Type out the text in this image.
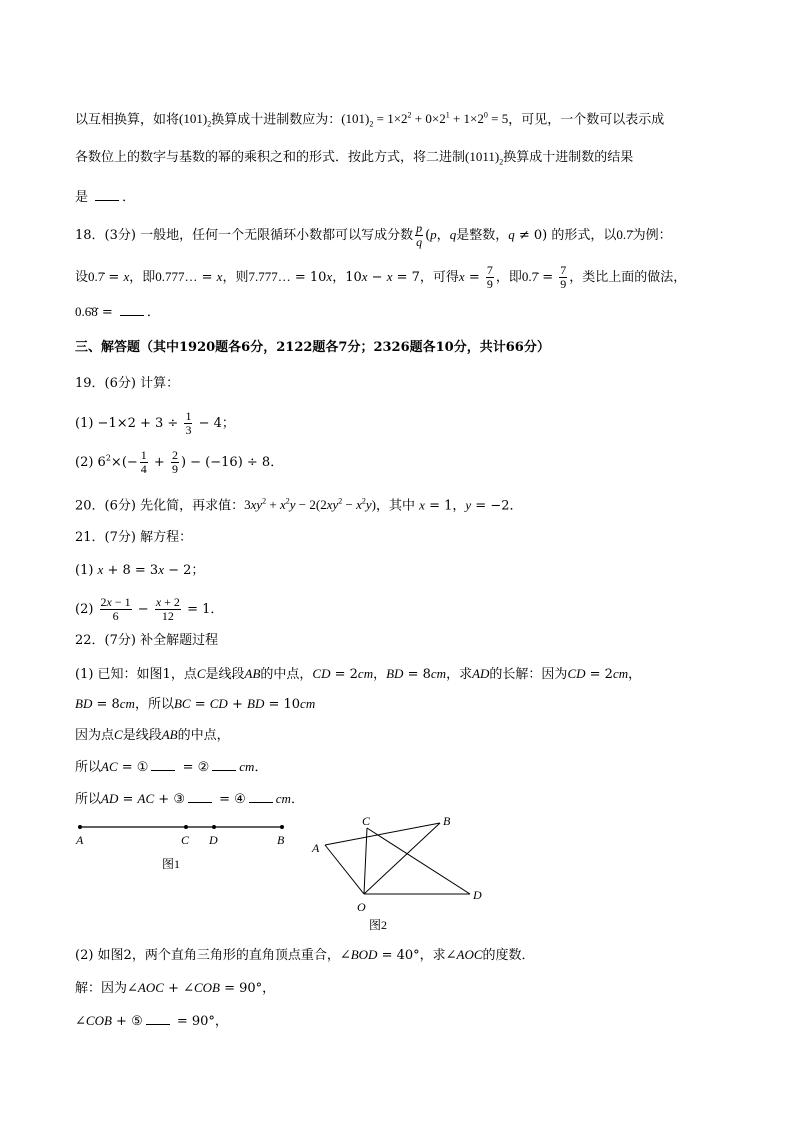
以互相换算，如将$(101)_2$换算成十进制数应为：$(101)_2 = 1\times 2^2 + 0\times 2^1 + 1\times 2^0 = 5$，可见，一个数可以表示成
各数位上的数字与基数的幂的乘积之和的形式．按此方式，将二进制$(1011)_2$换算成十进制数的结果
是 ．
18．(3分) 一般地，任何一个无限循环小数都可以写成分数 $\frac{p}{q} (p$，q是整数，q ≠ 0) 的形式，以0.7̇为例：
设0.7̇ = x，即0.777… = x，则7.777… = 10x，10x − x = 7，可得$x = \frac{7}{9}$ ，即0.7̇ = $\frac{7}{9}$ ，类比上面的做法，
0.6̇8̇ = ．
三、解答题（其中1920题各6分，2122题各7分；2326题各10分，共计66分）
19．(6分) 计算：
$(1) -1\times 2 + 3 \div \frac{1}{3} - 4$；
(2) $6^2\times(- \frac{1}{4} + \frac{2}{9}$ ) − (−16) ÷ 8．
20．(6分) 先化简，再求值：$3xy^2 + x^2y - 2(2xy^2 - x^2y)$，其中 x = 1，y = −2．
21．(7分) 解方程：
(1) x + 8 = 3x − 2；
$(2) \frac{2x - 1}{6} - \frac{x + 2}{12} = 1$．
22．(7分) 补全解题过程
(1) 已知：如图1，点C是线段AB的中点，CD = 2cm，BD = 8cm，求AD的长解：因为CD = 2cm，
BD = 8cm，所以BC = CD + BD = 10cm
因为点C是线段AB的中点，
所以AC = ① = ② cm．
所以AD = AC + ③ = ④ cm．
A	C D	B
图1
A
C	B
O
D
图2
(2) 如图2，两个直角三角形的直角顶点重合，∠BOD = 40°，求∠AOC的度数．
解：因为∠AOC + ∠COB = 90°，
∠COB + ⑤ = 90°，
